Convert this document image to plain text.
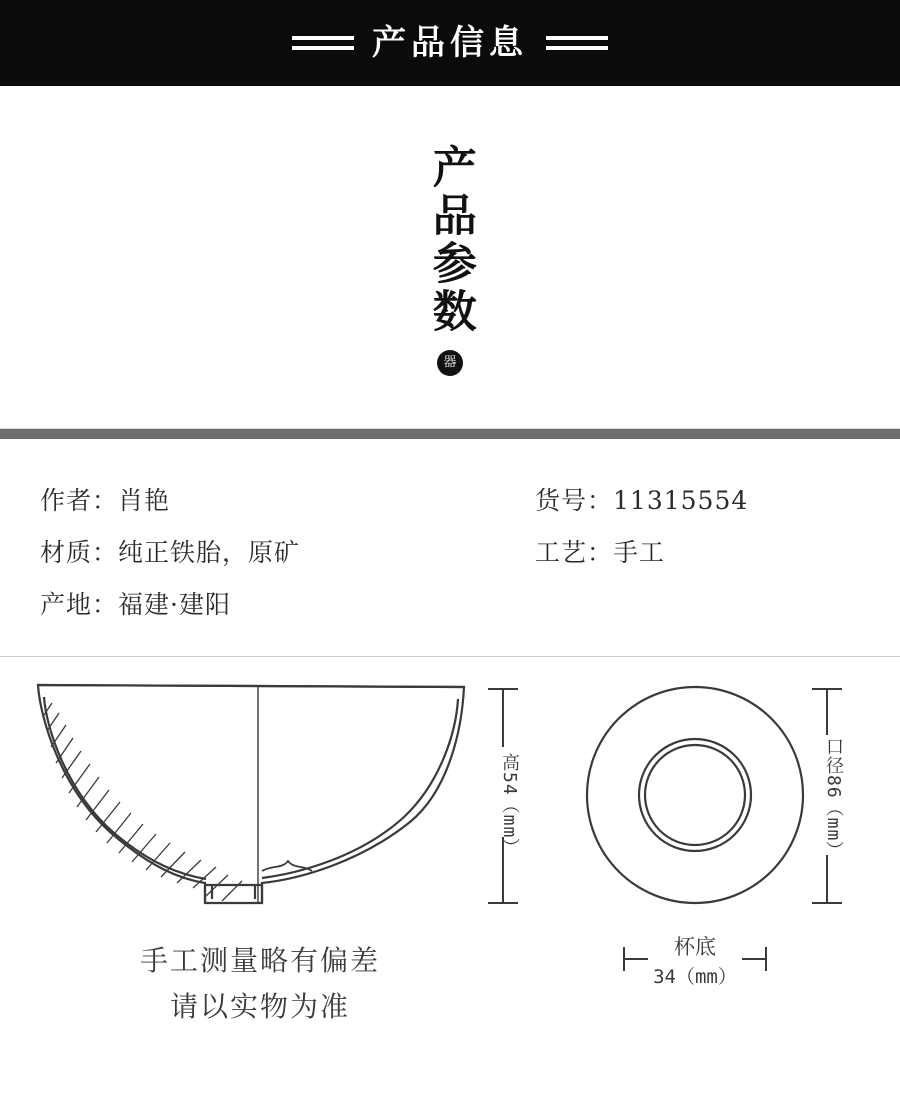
产品信息
产品参数
器
作者：肖艳	货号：11315554
材质：纯正铁胎，原矿	工艺：手工
产地：福建·建阳
高54（mm）	口径86（mm）
杯底
34（mm）
手工测量略有偏差
请以实物为准
